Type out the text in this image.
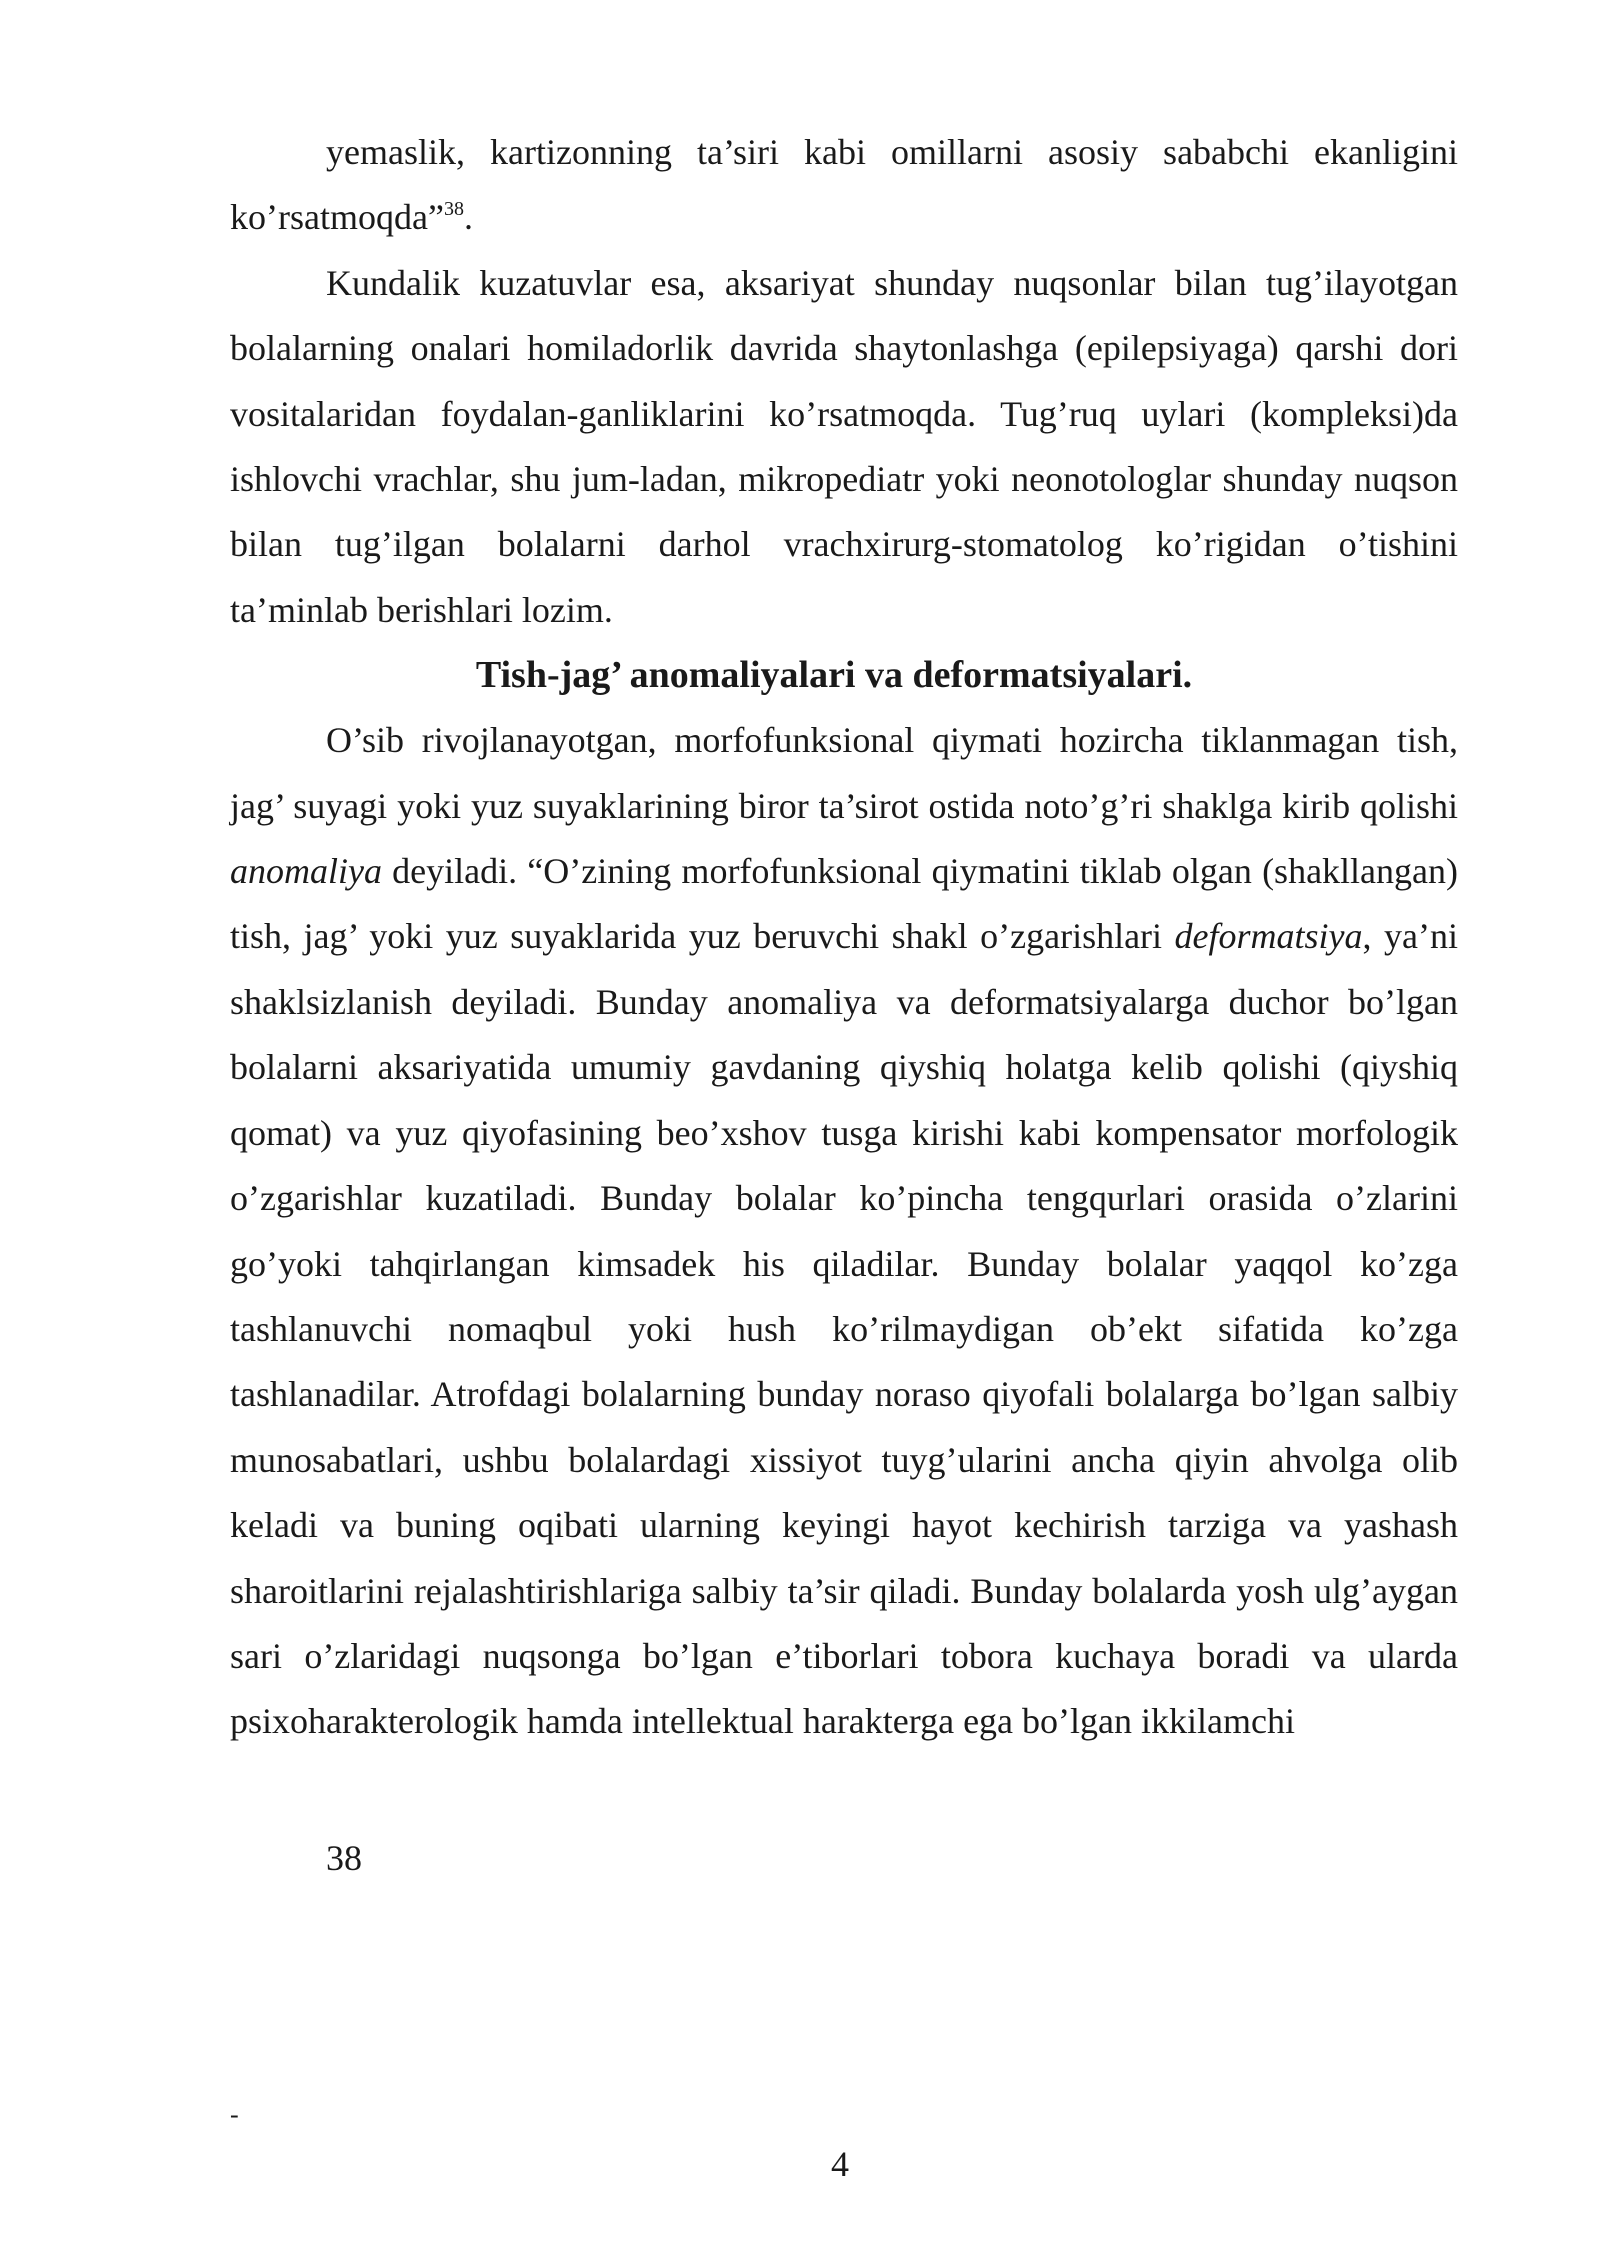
yemaslik, kartizonning ta’siri kabi omillarni asosiy sababchi ekanligini ko’rsatmoqda”$^{38}$.

Kundalik kuzatuvlar esa, aksariyat shunday nuqsonlar bilan tug’ilayotgan bolalarning onalari homiladorlik davrida shaytonlashga (epilepsiyaga) qarshi dori vositalaridan foydalan-ganliklarini ko’rsatmoqda. Tug’ruq uylari (kompleksi)da ishlovchi vrachlar, shu jum-ladan, mikropediatr yoki neonotologlar shunday nuqson bilan tug’ilgan bolalarni darhol vrachxirurg-stomatolog ko’rigidan o’tishini ta’minlab berishlari lozim.

Tish-jag’ anomaliyalari va deformatsiyalari.

O’sib rivojlanayotgan, morfofunksional qiymati hozircha tiklanmagan tish, jag’ suyagi yoki yuz suyaklarining biror ta’sirot ostida noto’g’ri shaklga kirib qolishi anomaliya deyiladi. “O’zining morfofunksional qiymatini tiklab olgan (shakllangan) tish, jag’ yoki yuz suyaklarida yuz beruvchi shakl o’zgarishlari deformatsiya, ya’ni shaklsizlanish deyiladi. Bunday anomaliya va deformatsiyalarga duchor bo’lgan bolalarni aksariyatida umumiy gavdaning qiyshiq holatga kelib qolishi (qiyshiq qomat) va yuz qiyofasining beo’xshov tusga kirishi kabi kompensator morfologik o’zgarishlar kuzatiladi. Bunday bolalar ko’pincha tengqurlari orasida o’zlarini go’yoki tahqirlangan kimsadek his qiladilar. Bunday bolalar yaqqol ko’zga tashlanuvchi nomaqbul yoki hush ko’rilmaydigan ob’ekt sifatida ko’zga tashlanadilar. Atrofdagi bolalarning bunday noraso qiyofali bolalarga bo’lgan salbiy munosabatlari, ushbu bolalardagi xissiyot tuyg’ularini ancha qiyin ahvolga olib keladi va buning oqibati ularning keyingi hayot kechirish tarziga va yashash sharoitlarini rejalashtirishlariga salbiy ta’sir qiladi. Bunday bolalarda yosh ulg’aygan sari o’zlaridagi nuqsonga bo’lgan e’tiborlari tobora kuchaya boradi va ularda psixoharakterologik hamda intellektual harakterga ega bo’lgan ikkilamchi

38
-
4
